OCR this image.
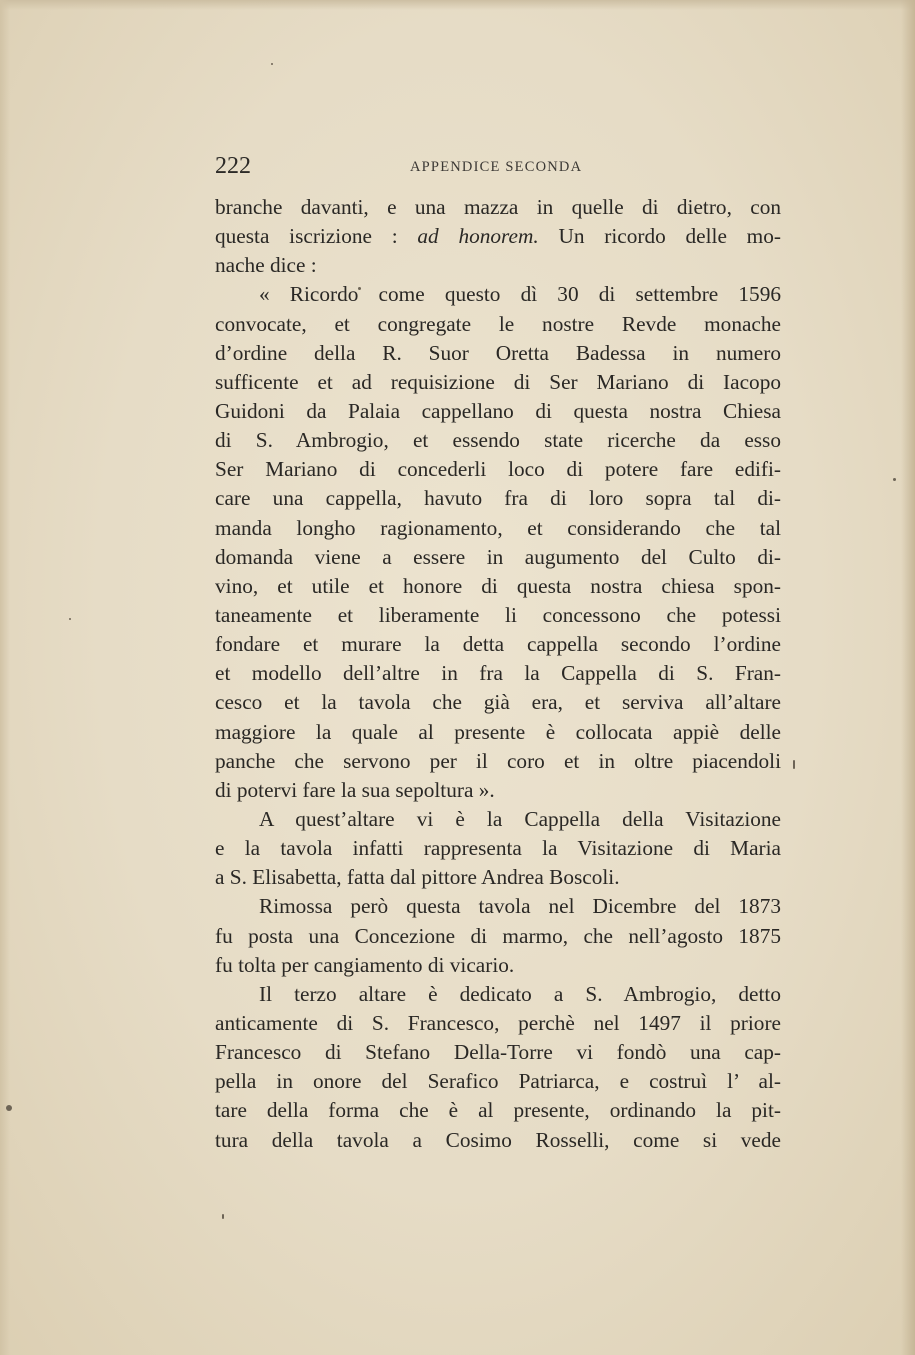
222	APPENDICE SECONDA
branche davanti, e una mazza in quelle di dietro, con
questa iscrizione : ad honorem. Un ricordo delle mo-
nache dice :
« Ricordo come questo dì 30 di settembre 1596
convocate, et congregate le nostre Revde monache
d’ordine della R. Suor Oretta Badessa in numero
sufficente et ad requisizione di Ser Mariano di Iacopo
Guidoni da Palaia cappellano di questa nostra Chiesa
di S. Ambrogio, et essendo state ricerche da esso
Ser Mariano di concederli loco di potere fare edifi-
care una cappella, havuto fra di loro sopra tal di-
manda longho ragionamento, et considerando che tal
domanda viene a essere in augumento del Culto di-
vino, et utile et honore di questa nostra chiesa spon-
taneamente et liberamente li concessono che potessi
fondare et murare la detta cappella secondo l’ordine
et modello dell’altre in fra la Cappella di S. Fran-
cesco et la tavola che già era, et serviva all’altare
maggiore la quale al presente è collocata appiè delle
panche che servono per il coro et in oltre piacendoli
di potervi fare la sua sepoltura ».
A quest’altare vi è la Cappella della Visitazione
e la tavola infatti rappresenta la Visitazione di Maria
a S. Elisabetta, fatta dal pittore Andrea Boscoli.
Rimossa però questa tavola nel Dicembre del 1873
fu posta una Concezione di marmo, che nell’agosto 1875
fu tolta per cangiamento di vicario.
Il terzo altare è dedicato a S. Ambrogio, detto
anticamente di S. Francesco, perchè nel 1497 il priore
Francesco di Stefano Della-Torre vi fondò una cap-
pella in onore del Serafico Patriarca, e costruì l’ al-
tare della forma che è al presente, ordinando la pit-
tura della tavola a Cosimo Rosselli, come si vede
